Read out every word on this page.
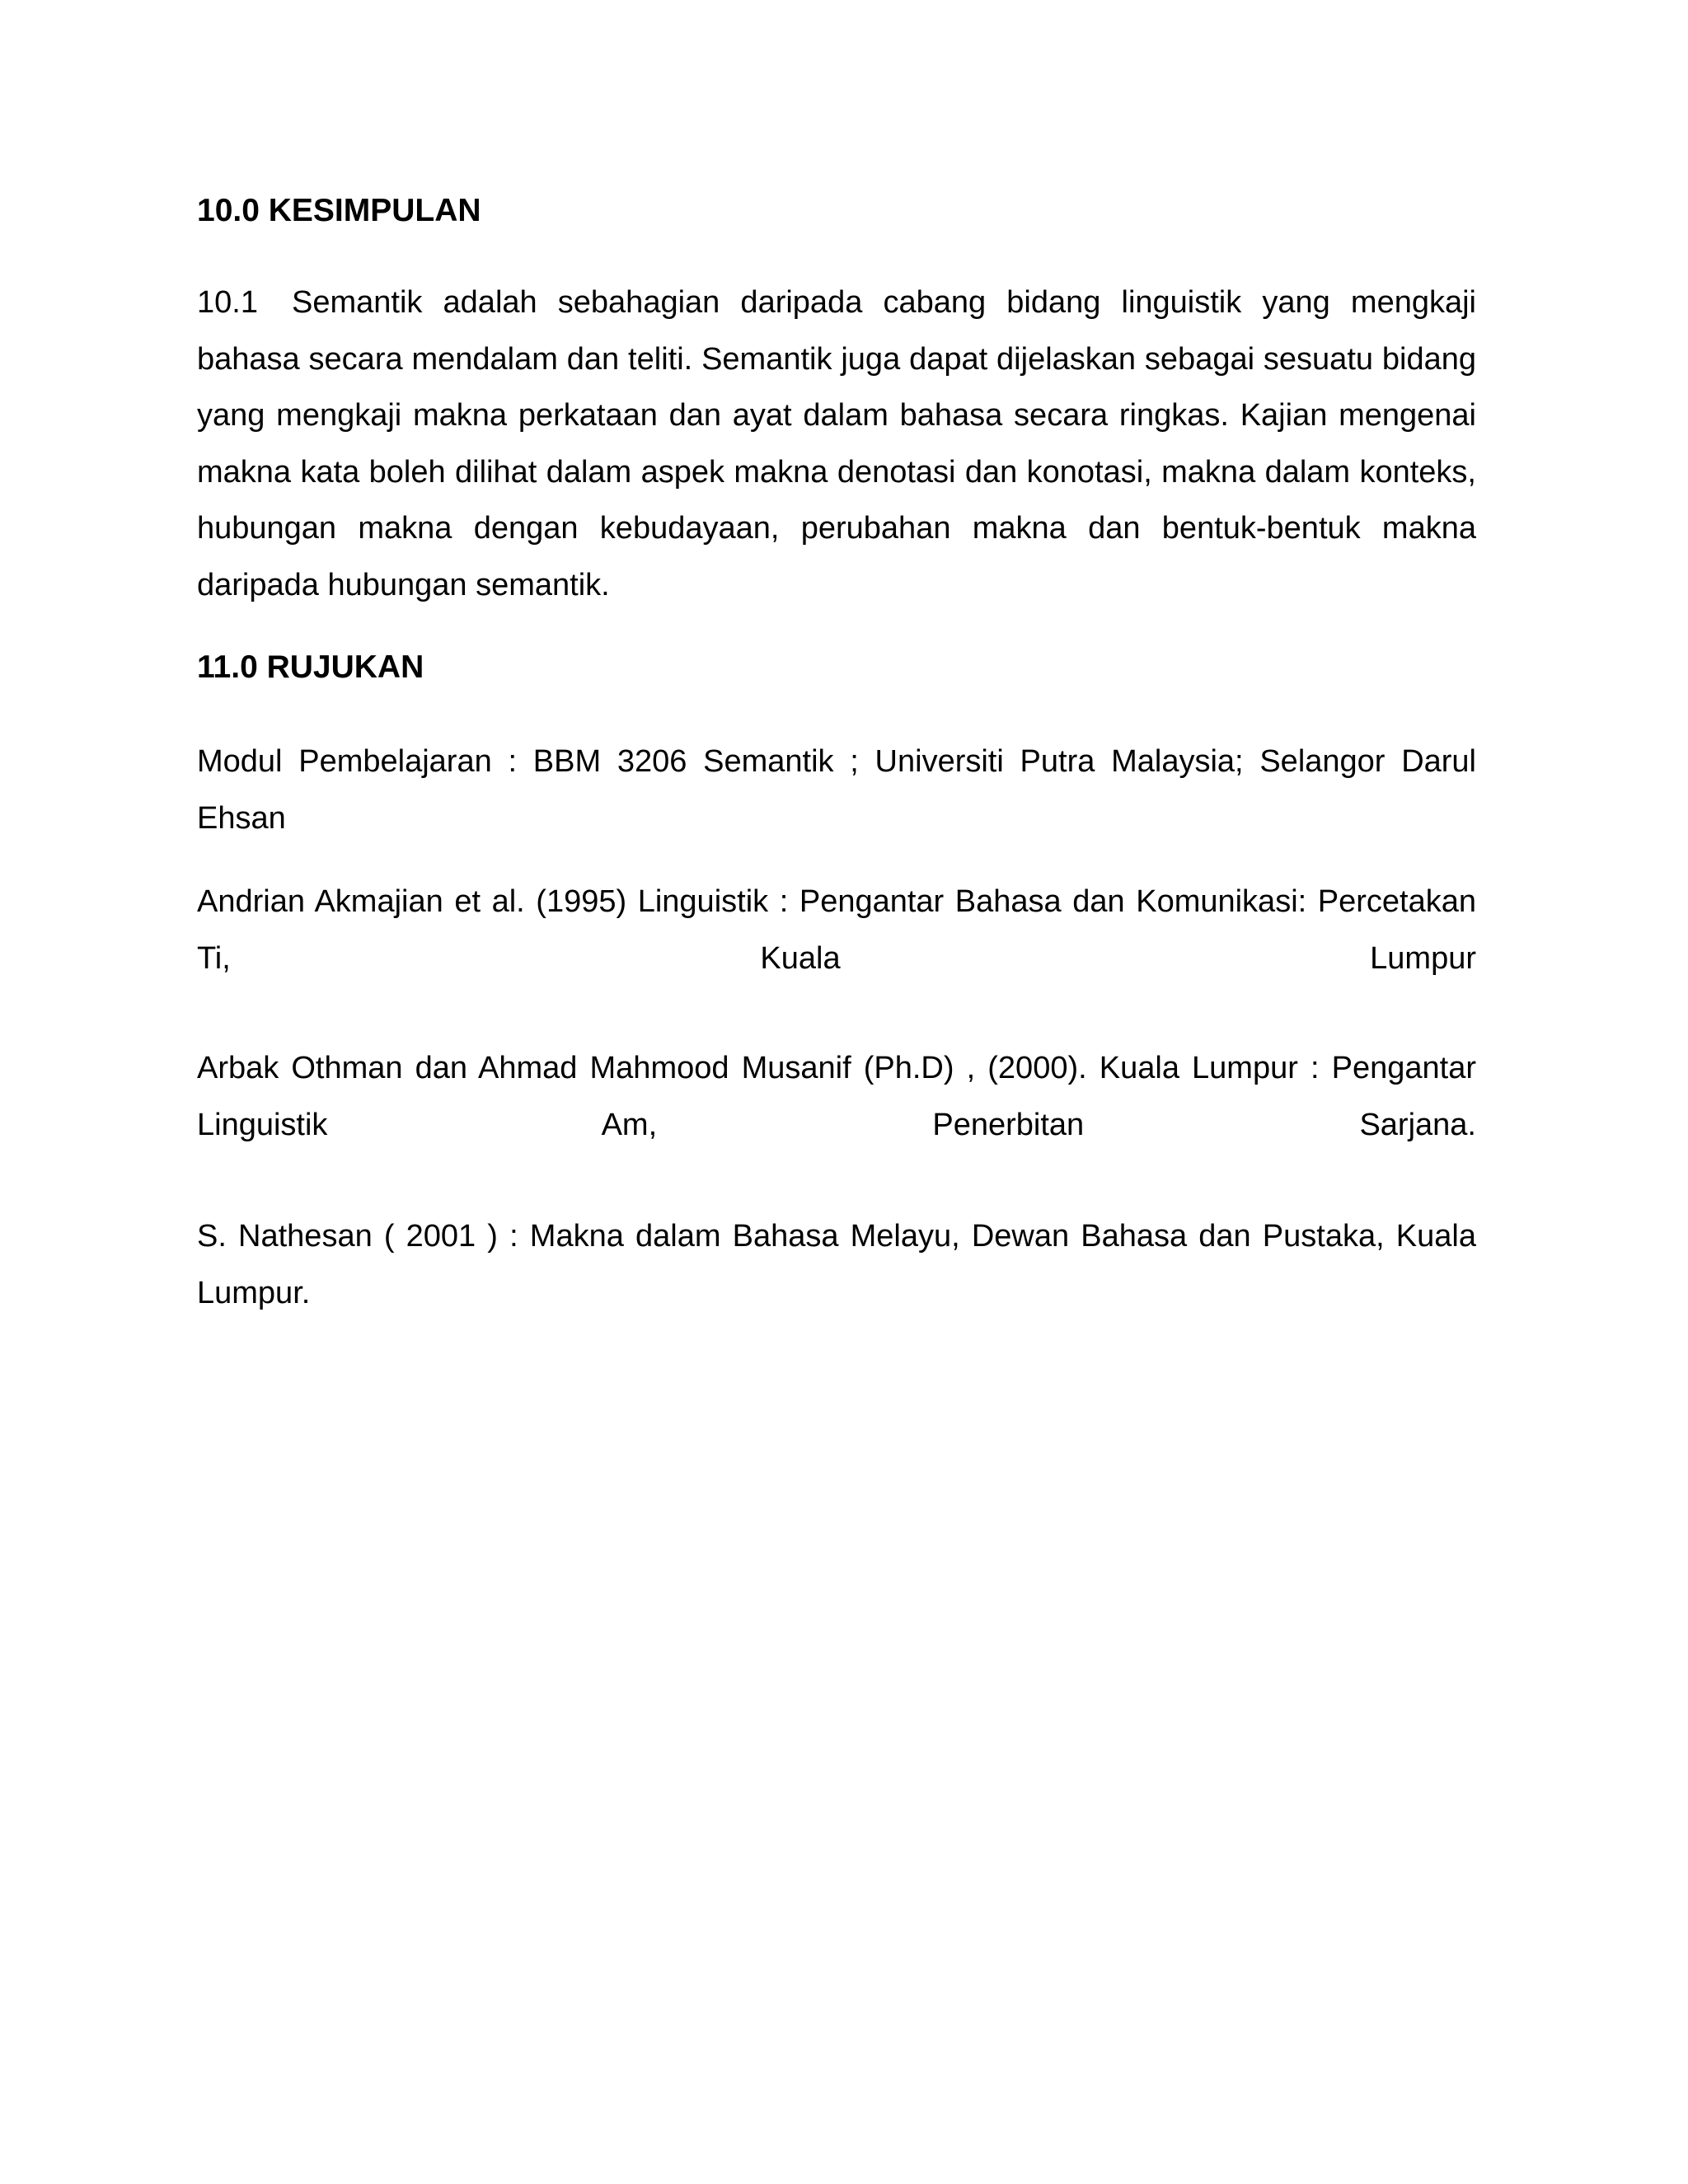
10.0 KESIMPULAN

10.1 Semantik adalah sebahagian daripada cabang bidang linguistik yang mengkaji bahasa secara mendalam dan teliti. Semantik juga dapat dijelaskan sebagai sesuatu bidang yang mengkaji makna perkataan dan ayat dalam bahasa secara ringkas. Kajian mengenai makna kata boleh dilihat dalam aspek makna denotasi dan konotasi, makna dalam konteks, hubungan makna dengan kebudayaan, perubahan makna dan bentuk-bentuk makna daripada hubungan semantik.

11.0 RUJUKAN

Modul Pembelajaran : BBM 3206 Semantik ; Universiti Putra Malaysia; Selangor Darul Ehsan

Andrian Akmajian et al. (1995) Linguistik : Pengantar Bahasa dan Komunikasi: Percetakan Ti, Kuala Lumpur

Arbak Othman dan Ahmad Mahmood Musanif (Ph.D) , (2000). Kuala Lumpur : Pengantar Linguistik Am, Penerbitan Sarjana.

S. Nathesan ( 2001 ) : Makna dalam Bahasa Melayu, Dewan Bahasa dan Pustaka, Kuala Lumpur.
